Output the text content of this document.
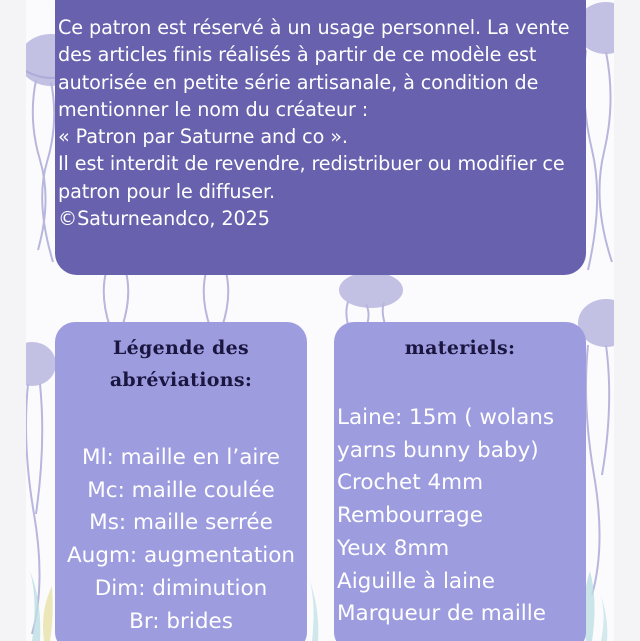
Ce patron est réservé à un usage personnel. La vente
des articles finis réalisés à partir de ce modèle est
autorisée en petite série artisanale, à condition de
mentionner le nom du créateur :
« Patron par Saturne and co ».
Il est interdit de revendre, redistribuer ou modifier ce
patron pour le diffuser.
©Saturneandco, 2025
Légende des
abréviations:
Ml: maille en l’aire
Mc: maille coulée
Ms: maille serrée
Augm: augmentation
Dim: diminution
Br: brides
materiels:
Laine: 15m ( wolans
yarns bunny baby)
Crochet 4mm
Rembourrage
Yeux 8mm
Aiguille à laine
Marqueur de maille
